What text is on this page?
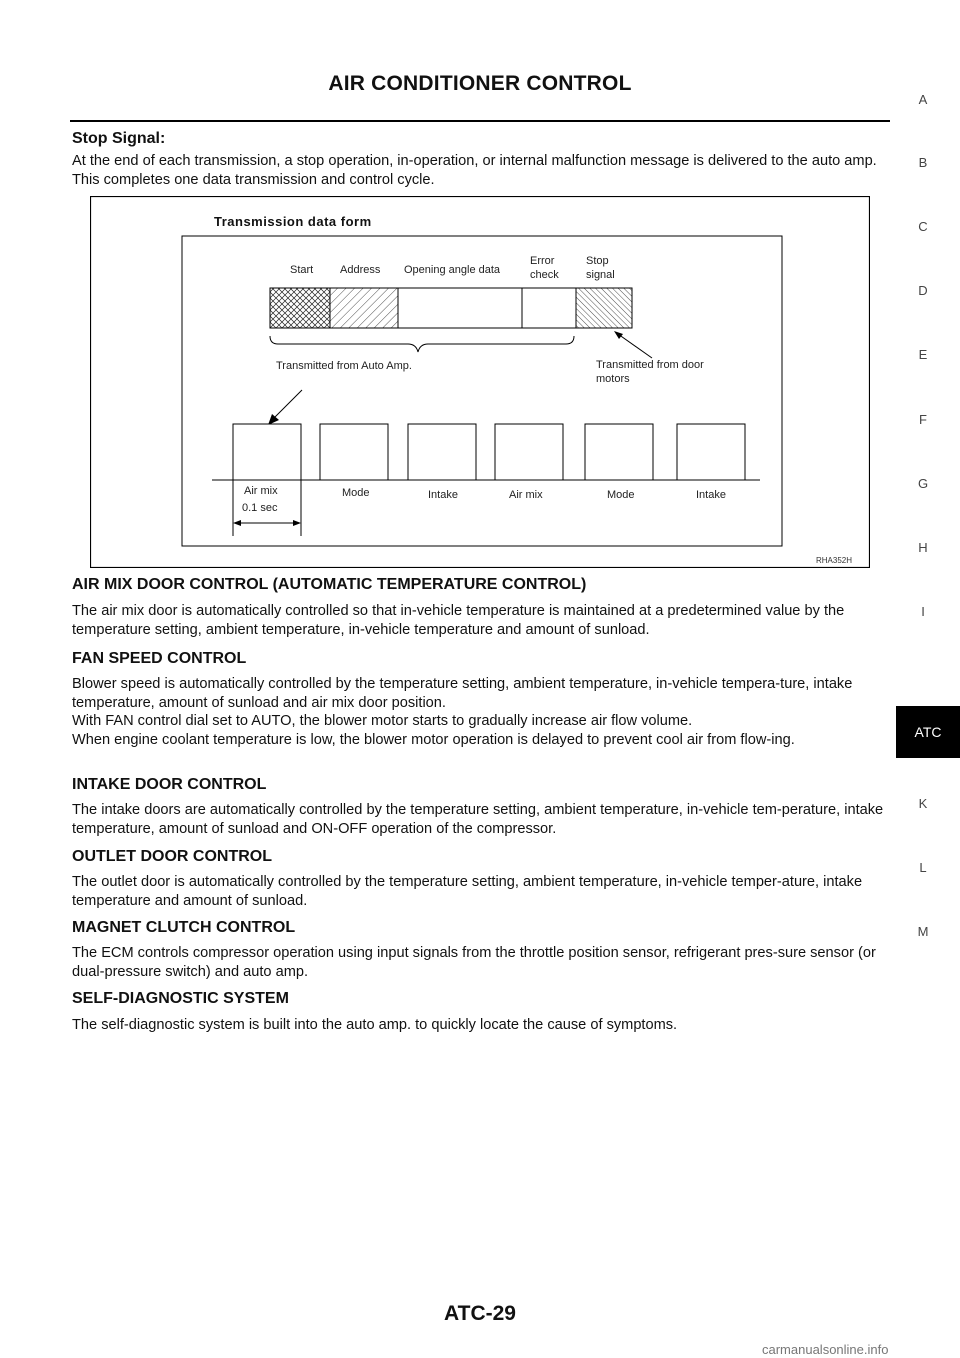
AIR CONDITIONER CONTROL
Stop Signal:
At the end of each transmission, a stop operation, in-operation, or internal malfunction message is delivered to the auto amp. This completes one data transmission and control cycle.
Transmission data form
Start Address Opening angle data
Error check
Stop signal
Transmitted from Auto Amp.	Transmitted from door motors
Air mix	Mode	Intake	Air mix	Mode	Intake
0.1 sec
RHA352H
AIR MIX DOOR CONTROL (AUTOMATIC TEMPERATURE CONTROL)
The air mix door is automatically controlled so that in-vehicle temperature is maintained at a predetermined value by the temperature setting, ambient temperature, in-vehicle temperature and amount of sunload.
FAN SPEED CONTROL
Blower speed is automatically controlled by the temperature setting, ambient temperature, in-vehicle tempera-ture, intake temperature, amount of sunload and air mix door position.
With FAN control dial set to AUTO, the blower motor starts to gradually increase air flow volume.
When engine coolant temperature is low, the blower motor operation is delayed to prevent cool air from flow-ing.
INTAKE DOOR CONTROL
The intake doors are automatically controlled by the temperature setting, ambient temperature, in-vehicle tem-perature, intake temperature, amount of sunload and ON-OFF operation of the compressor.
OUTLET DOOR CONTROL
The outlet door is automatically controlled by the temperature setting, ambient temperature, in-vehicle temper-ature, intake temperature and amount of sunload.
MAGNET CLUTCH CONTROL
The ECM controls compressor operation using input signals from the throttle position sensor, refrigerant pres-sure sensor (or dual-pressure switch) and auto amp.
SELF-DIAGNOSTIC SYSTEM
The self-diagnostic system is built into the auto amp. to quickly locate the cause of symptoms.
A
B
C
D
E
F
G
H
I
K
L
M
ATC
ATC-29
carmanualsonline.info
